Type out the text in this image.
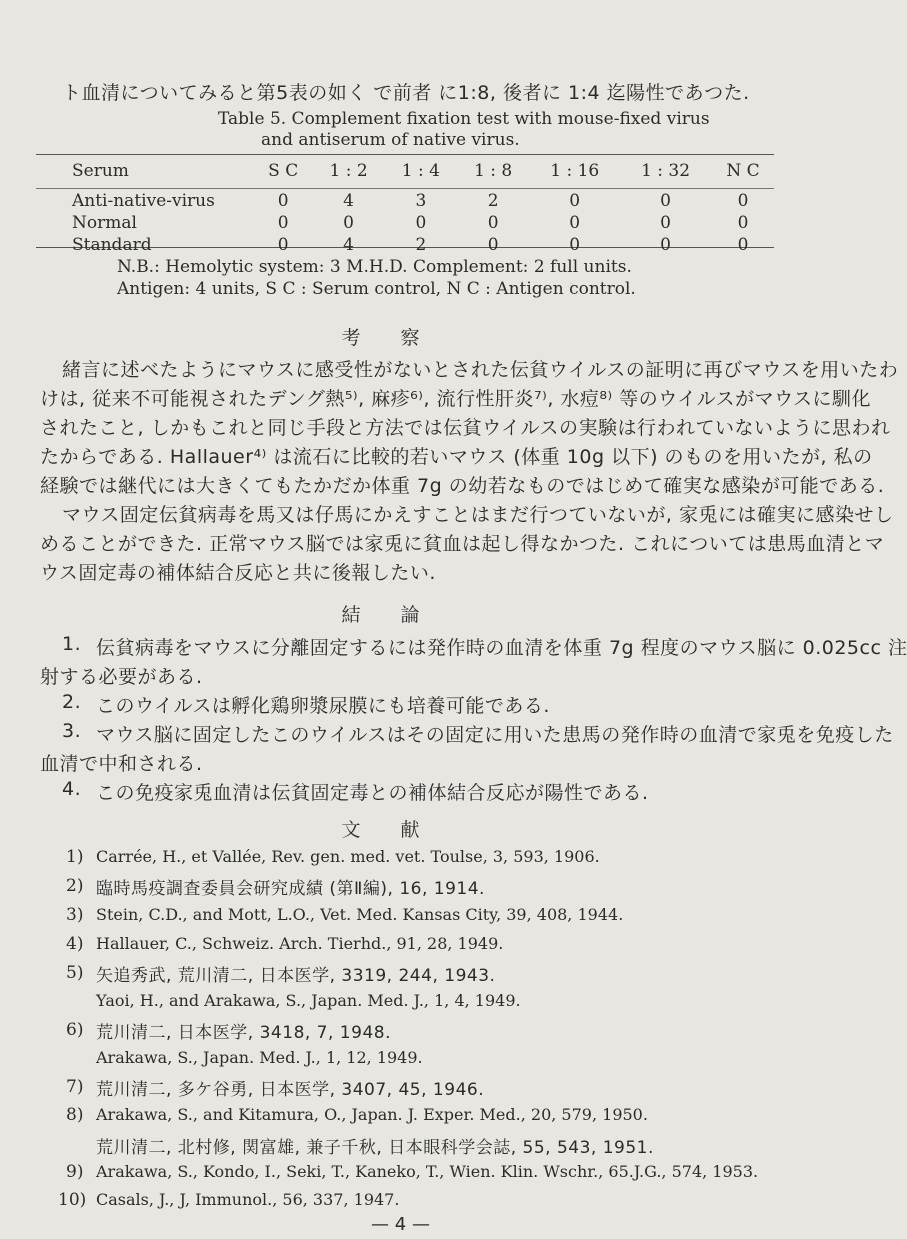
ト血清についてみると第5表の如く で前者 に1:8, 後者に 1:4 迄陽性であつた.
Table 5. Complement fixation test with mouse-fixed virus
and antiserum of native virus.
Serum	S C	1 : 2	1 : 4	1 : 8	1 : 16	1 : 32	N C

Anti-native-virus	0	4	3	2	0	0	0
Normal	0	0	0	0	0	0	0
Standard	0	4	2	0	0	0	0
N.B.: Hemolytic system: 3 M.H.D. Complement: 2 full units.
Antigen: 4 units, S C : Serum control, N C : Antigen control.
考察
緒言に述べたようにマウスに感受性がないとされた伝貧ウイルスの証明に再びマウスを用いたわ
けは, 従来不可能視されたデング熱⁵⁾, 麻疹⁶⁾, 流行性肝炎⁷⁾, 水痘⁸⁾ 等のウイルスがマウスに馴化
されたこと, しかもこれと同じ手段と方法では伝貧ウイルスの実験は行われていないように思われ
たからである. Hallauer⁴⁾ は流石に比較的若いマウス (体重 10g 以下) のものを用いたが, 私の
経験では継代には大きくてもたかだか体重 7g の幼若なものではじめて確実な感染が可能である.
マウス固定伝貧病毒を馬又は仔馬にかえすことはまだ行つていないが, 家兎には確実に感染せし
めることができた. 正常マウス脳では家兎に貧血は起し得なかつた. これについては患馬血清とマ
ウス固定毒の補体結合反応と共に後報したい.
結論
1. 伝貧病毒をマウスに分離固定するには発作時の血清を体重 7g 程度のマウス脳に 0.025cc 注
射する必要がある.
2. このウイルスは孵化鶏卵漿尿膜にも培養可能である.
3. マウス脳に固定したこのウイルスはその固定に用いた患馬の発作時の血清で家兎を免疫した
血清で中和される.
4. この免疫家兎血清は伝貧固定毒との補体結合反応が陽性である.
文献
1) Carrée, H., et Vallée, Rev. gen. med. vet. Toulse, 3, 593, 1906.
2) 臨時馬疫調査委員会研究成績 (第Ⅱ編), 16, 1914.
3) Stein, C.D., and Mott, L.O., Vet. Med. Kansas City, 39, 408, 1944.
4) Hallauer, C., Schweiz. Arch. Tierhd., 91, 28, 1949.
5) 矢追秀武, 荒川清二, 日本医学, 3319, 244, 1943.
Yaoi, H., and Arakawa, S., Japan. Med. J., 1, 4, 1949.
6) 荒川清二, 日本医学, 3418, 7, 1948.
Arakawa, S., Japan. Med. J., 1, 12, 1949.
7) 荒川清二, 多ケ谷勇, 日本医学, 3407, 45, 1946.
8) Arakawa, S., and Kitamura, O., Japan. J. Exper. Med., 20, 579, 1950.
荒川清二, 北村修, 関富雄, 兼子千秋, 日本眼科学会誌, 55, 543, 1951.
9) Arakawa, S., Kondo, I., Seki, T., Kaneko, T., Wien. Klin. Wschr., 65.J.G., 574, 1953.
10) Casals, J., J, Immunol., 56, 337, 1947.
— 4 —
